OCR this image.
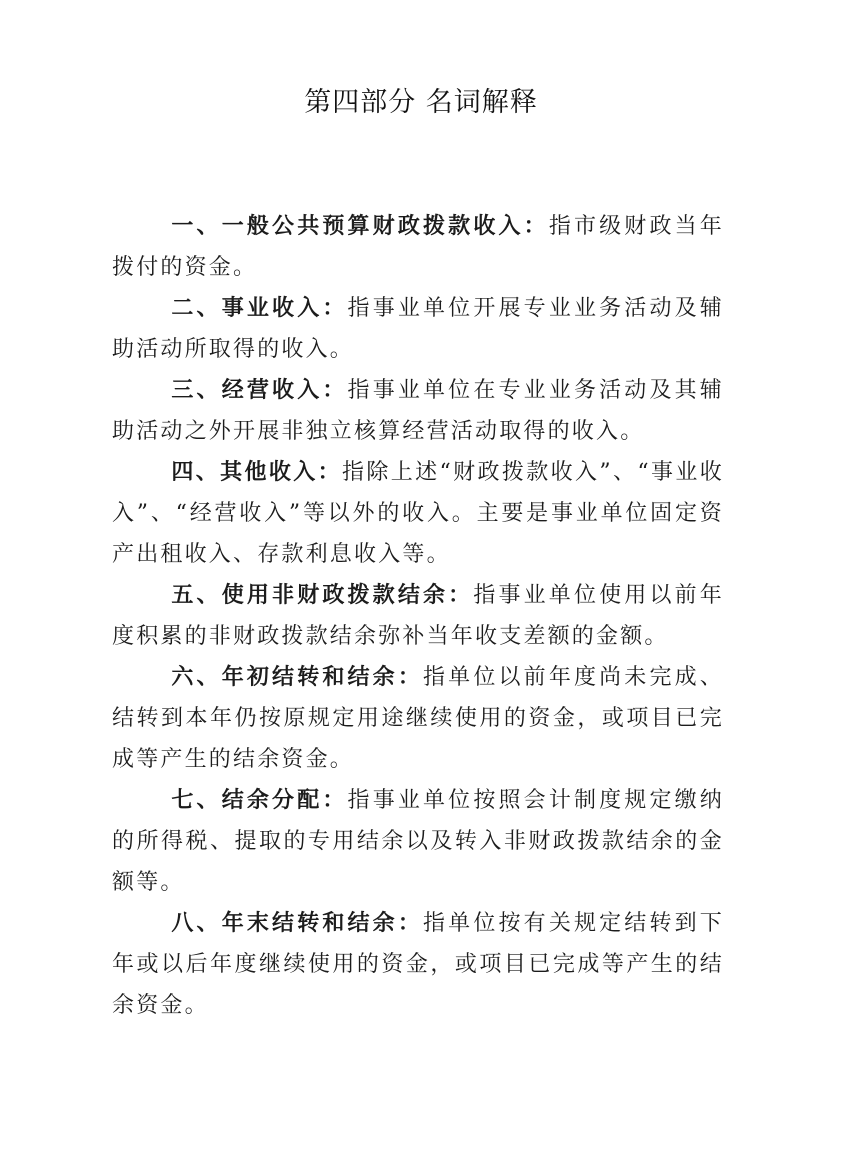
第四部分 名词解释

一、一般公共预算财政拨款收入：指市级财政当年拨付的资金。

二、事业收入：指事业单位开展专业业务活动及辅助活动所取得的收入。

三、经营收入：指事业单位在专业业务活动及其辅助活动之外开展非独立核算经营活动取得的收入。

四、其他收入：指除上述“财政拨款收入”、“事业收入”、“经营收入”等以外的收入。主要是事业单位固定资产出租收入、存款利息收入等。

五、使用非财政拨款结余：指事业单位使用以前年度积累的非财政拨款结余弥补当年收支差额的金额。

六、年初结转和结余：指单位以前年度尚未完成、结转到本年仍按原规定用途继续使用的资金，或项目已完成等产生的结余资金。

七、结余分配：指事业单位按照会计制度规定缴纳的所得税、提取的专用结余以及转入非财政拨款结余的金额等。

八、年末结转和结余：指单位按有关规定结转到下年或以后年度继续使用的资金，或项目已完成等产生的结余资金。
